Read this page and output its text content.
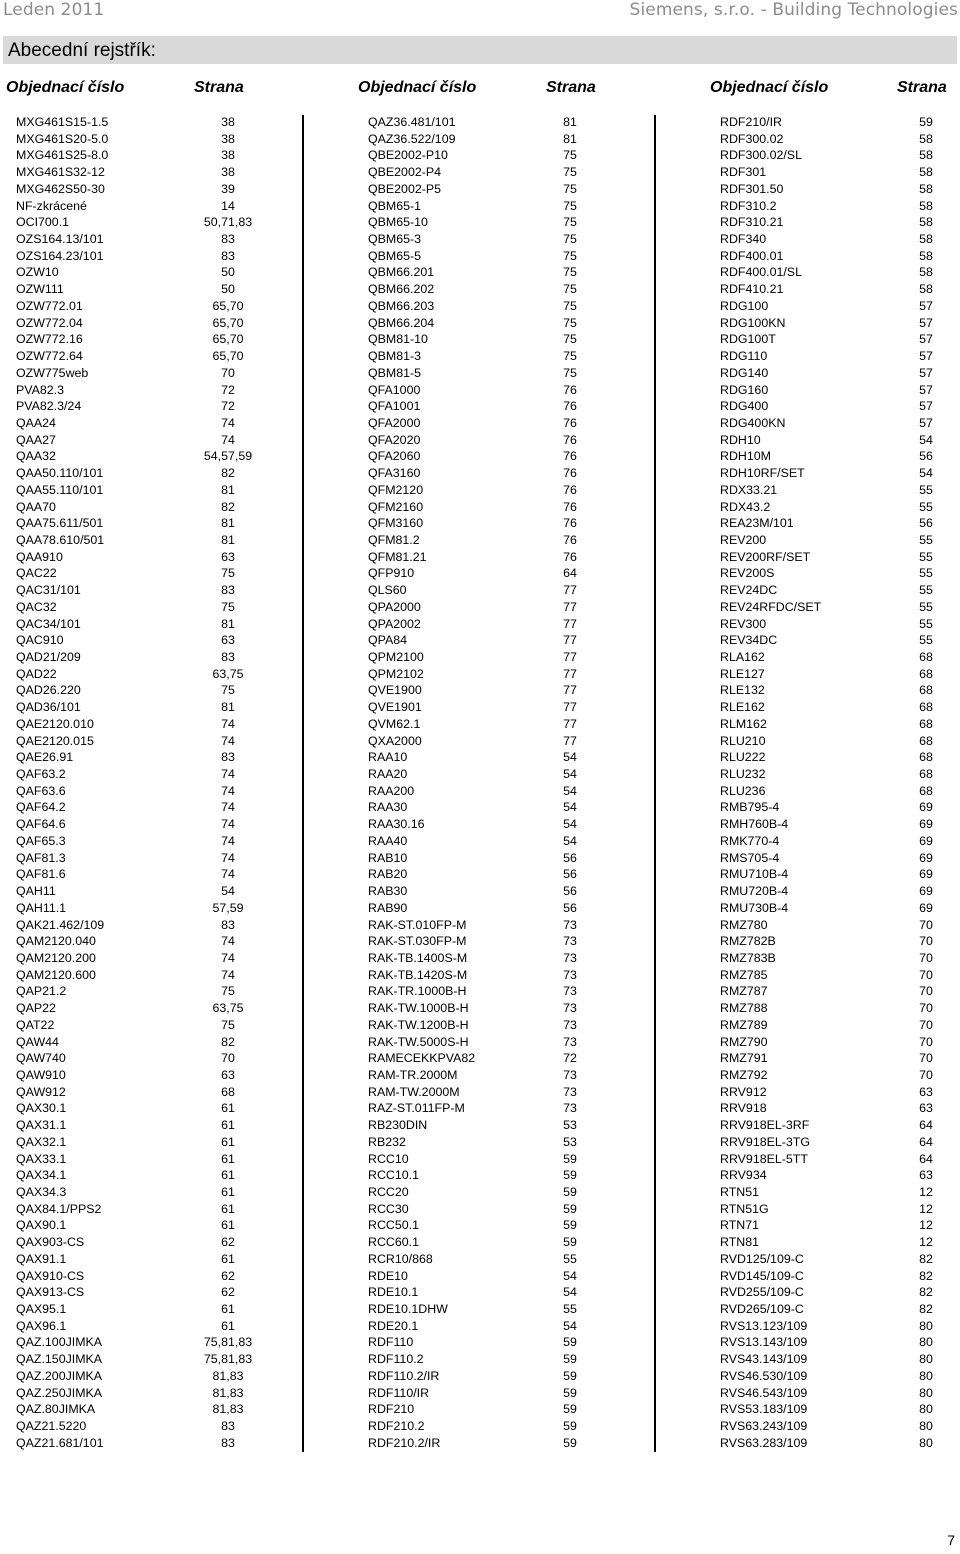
Leden 2011	Siemens, s.r.o. - Building Technologies
Abecední rejstřík:
Objednací číslo	Strana	Objednací číslo	Strana	Objednací číslo	Strana
MXG461S15-1.5	38
MXG461S20-5.0	38
MXG461S25-8.0	38
MXG461S32-12	38
MXG462S50-30	39
NF-zkrácené	14
OCI700.1	50,71,83
OZS164.13/101	83
OZS164.23/101	83
OZW10	50
OZW111	50
OZW772.01	65,70
OZW772.04	65,70
OZW772.16	65,70
OZW772.64	65,70
OZW775web	70
PVA82.3	72
PVA82.3/24	72
QAA24	74
QAA27	74
QAA32	54,57,59
QAA50.110/101	82
QAA55.110/101	81
QAA70	82
QAA75.611/501	81
QAA78.610/501	81
QAA910	63
QAC22	75
QAC31/101	83
QAC32	75
QAC34/101	81
QAC910	63
QAD21/209	83
QAD22	63,75
QAD26.220	75
QAD36/101	81
QAE2120.010	74
QAE2120.015	74
QAE26.91	83
QAF63.2	74
QAF63.6	74
QAF64.2	74
QAF64.6	74
QAF65.3	74
QAF81.3	74
QAF81.6	74
QAH11	54
QAH11.1	57,59
QAK21.462/109	83
QAM2120.040	74
QAM2120.200	74
QAM2120.600	74
QAP21.2	75
QAP22	63,75
QAT22	75
QAW44	82
QAW740	70
QAW910	63
QAW912	68
QAX30.1	61
QAX31.1	61
QAX32.1	61
QAX33.1	61
QAX34.1	61
QAX34.3	61
QAX84.1/PPS2	61
QAX90.1	61
QAX903-CS	62
QAX91.1	61
QAX910-CS	62
QAX913-CS	62
QAX95.1	61
QAX96.1	61
QAZ.100JIMKA	75,81,83
QAZ.150JIMKA	75,81,83
QAZ.200JIMKA	81,83
QAZ.250JIMKA	81,83
QAZ.80JIMKA	81,83
QAZ21.5220	83
QAZ21.681/101	83
QAZ36.481/101	81
QAZ36.522/109	81
QBE2002-P10	75
QBE2002-P4	75
QBE2002-P5	75
QBM65-1	75
QBM65-10	75
QBM65-3	75
QBM65-5	75
QBM66.201	75
QBM66.202	75
QBM66.203	75
QBM66.204	75
QBM81-10	75
QBM81-3	75
QBM81-5	75
QFA1000	76
QFA1001	76
QFA2000	76
QFA2020	76
QFA2060	76
QFA3160	76
QFM2120	76
QFM2160	76
QFM3160	76
QFM81.2	76
QFM81.21	76
QFP910	64
QLS60	77
QPA2000	77
QPA2002	77
QPA84	77
QPM2100	77
QPM2102	77
QVE1900	77
QVE1901	77
QVM62.1	77
QXA2000	77
RAA10	54
RAA20	54
RAA200	54
RAA30	54
RAA30.16	54
RAA40	54
RAB10	56
RAB20	56
RAB30	56
RAB90	56
RAK-ST.010FP-M	73
RAK-ST.030FP-M	73
RAK-TB.1400S-M	73
RAK-TB.1420S-M	73
RAK-TR.1000B-H	73
RAK-TW.1000B-H	73
RAK-TW.1200B-H	73
RAK-TW.5000S-H	73
RAMECEKKPVA82	72
RAM-TR.2000M	73
RAM-TW.2000M	73
RAZ-ST.011FP-M	73
RB230DIN	53
RB232	53
RCC10	59
RCC10.1	59
RCC20	59
RCC30	59
RCC50.1	59
RCC60.1	59
RCR10/868	55
RDE10	54
RDE10.1	54
RDE10.1DHW	55
RDE20.1	54
RDF110	59
RDF110.2	59
RDF110.2/IR	59
RDF110/IR	59
RDF210	59
RDF210.2	59
RDF210.2/IR	59
RDF210/IR	59
RDF300.02	58
RDF300.02/SL	58
RDF301	58
RDF301.50	58
RDF310.2	58
RDF310.21	58
RDF340	58
RDF400.01	58
RDF400.01/SL	58
RDF410.21	58
RDG100	57
RDG100KN	57
RDG100T	57
RDG110	57
RDG140	57
RDG160	57
RDG400	57
RDG400KN	57
RDH10	54
RDH10M	56
RDH10RF/SET	54
RDX33.21	55
RDX43.2	55
REA23M/101	56
REV200	55
REV200RF/SET	55
REV200S	55
REV24DC	55
REV24RFDC/SET	55
REV300	55
REV34DC	55
RLA162	68
RLE127	68
RLE132	68
RLE162	68
RLM162	68
RLU210	68
RLU222	68
RLU232	68
RLU236	68
RMB795-4	69
RMH760B-4	69
RMK770-4	69
RMS705-4	69
RMU710B-4	69
RMU720B-4	69
RMU730B-4	69
RMZ780	70
RMZ782B	70
RMZ783B	70
RMZ785	70
RMZ787	70
RMZ788	70
RMZ789	70
RMZ790	70
RMZ791	70
RMZ792	70
RRV912	63
RRV918	63
RRV918EL-3RF	64
RRV918EL-3TG	64
RRV918EL-5TT	64
RRV934	63
RTN51	12
RTN51G	12
RTN71	12
RTN81	12
RVD125/109-C	82
RVD145/109-C	82
RVD255/109-C	82
RVD265/109-C	82
RVS13.123/109	80
RVS13.143/109	80
RVS43.143/109	80
RVS46.530/109	80
RVS46.543/109	80
RVS53.183/109	80
RVS63.243/109	80
RVS63.283/109	80
7
